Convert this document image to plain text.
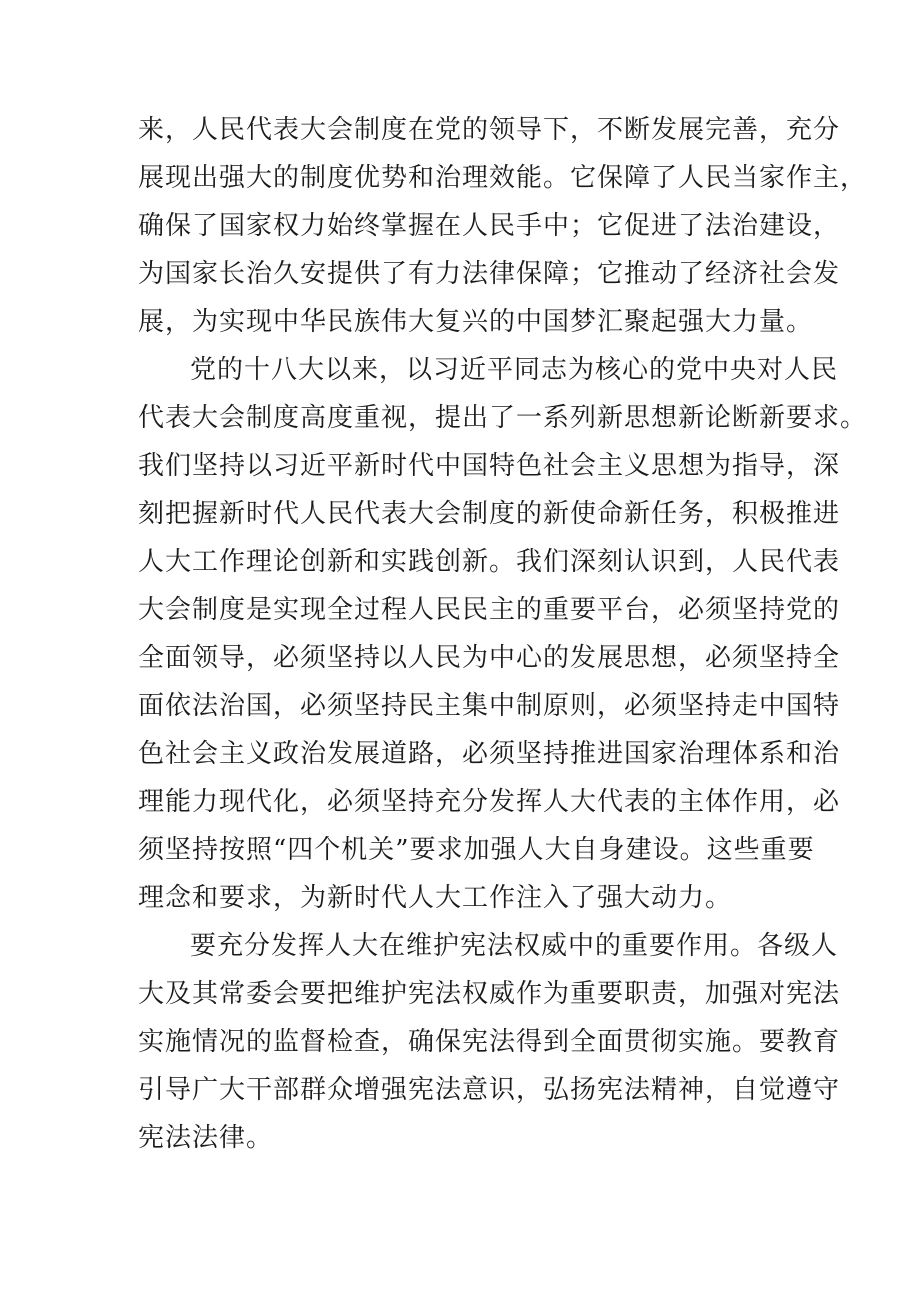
来，人民代表大会制度在党的领导下，不断发展完善，充分
展现出强大的制度优势和治理效能。它保障了人民当家作主，
确保了国家权力始终掌握在人民手中；它促进了法治建设，
为国家长治久安提供了有力法律保障；它推动了经济社会发
展，为实现中华民族伟大复兴的中国梦汇聚起强大力量。
党的十八大以来，以习近平同志为核心的党中央对人民
代表大会制度高度重视，提出了一系列新思想新论断新要求。
我们坚持以习近平新时代中国特色社会主义思想为指导，深
刻把握新时代人民代表大会制度的新使命新任务，积极推进
人大工作理论创新和实践创新。我们深刻认识到，人民代表
大会制度是实现全过程人民民主的重要平台，必须坚持党的
全面领导，必须坚持以人民为中心的发展思想，必须坚持全
面依法治国，必须坚持民主集中制原则，必须坚持走中国特
色社会主义政治发展道路，必须坚持推进国家治理体系和治
理能力现代化，必须坚持充分发挥人大代表的主体作用，必
须坚持按照“四个机关”要求加强人大自身建设。这些重要
理念和要求，为新时代人大工作注入了强大动力。
要充分发挥人大在维护宪法权威中的重要作用。各级人
大及其常委会要把维护宪法权威作为重要职责，加强对宪法
实施情况的监督检查，确保宪法得到全面贯彻实施。要教育
引导广大干部群众增强宪法意识，弘扬宪法精神，自觉遵守
宪法法律。
